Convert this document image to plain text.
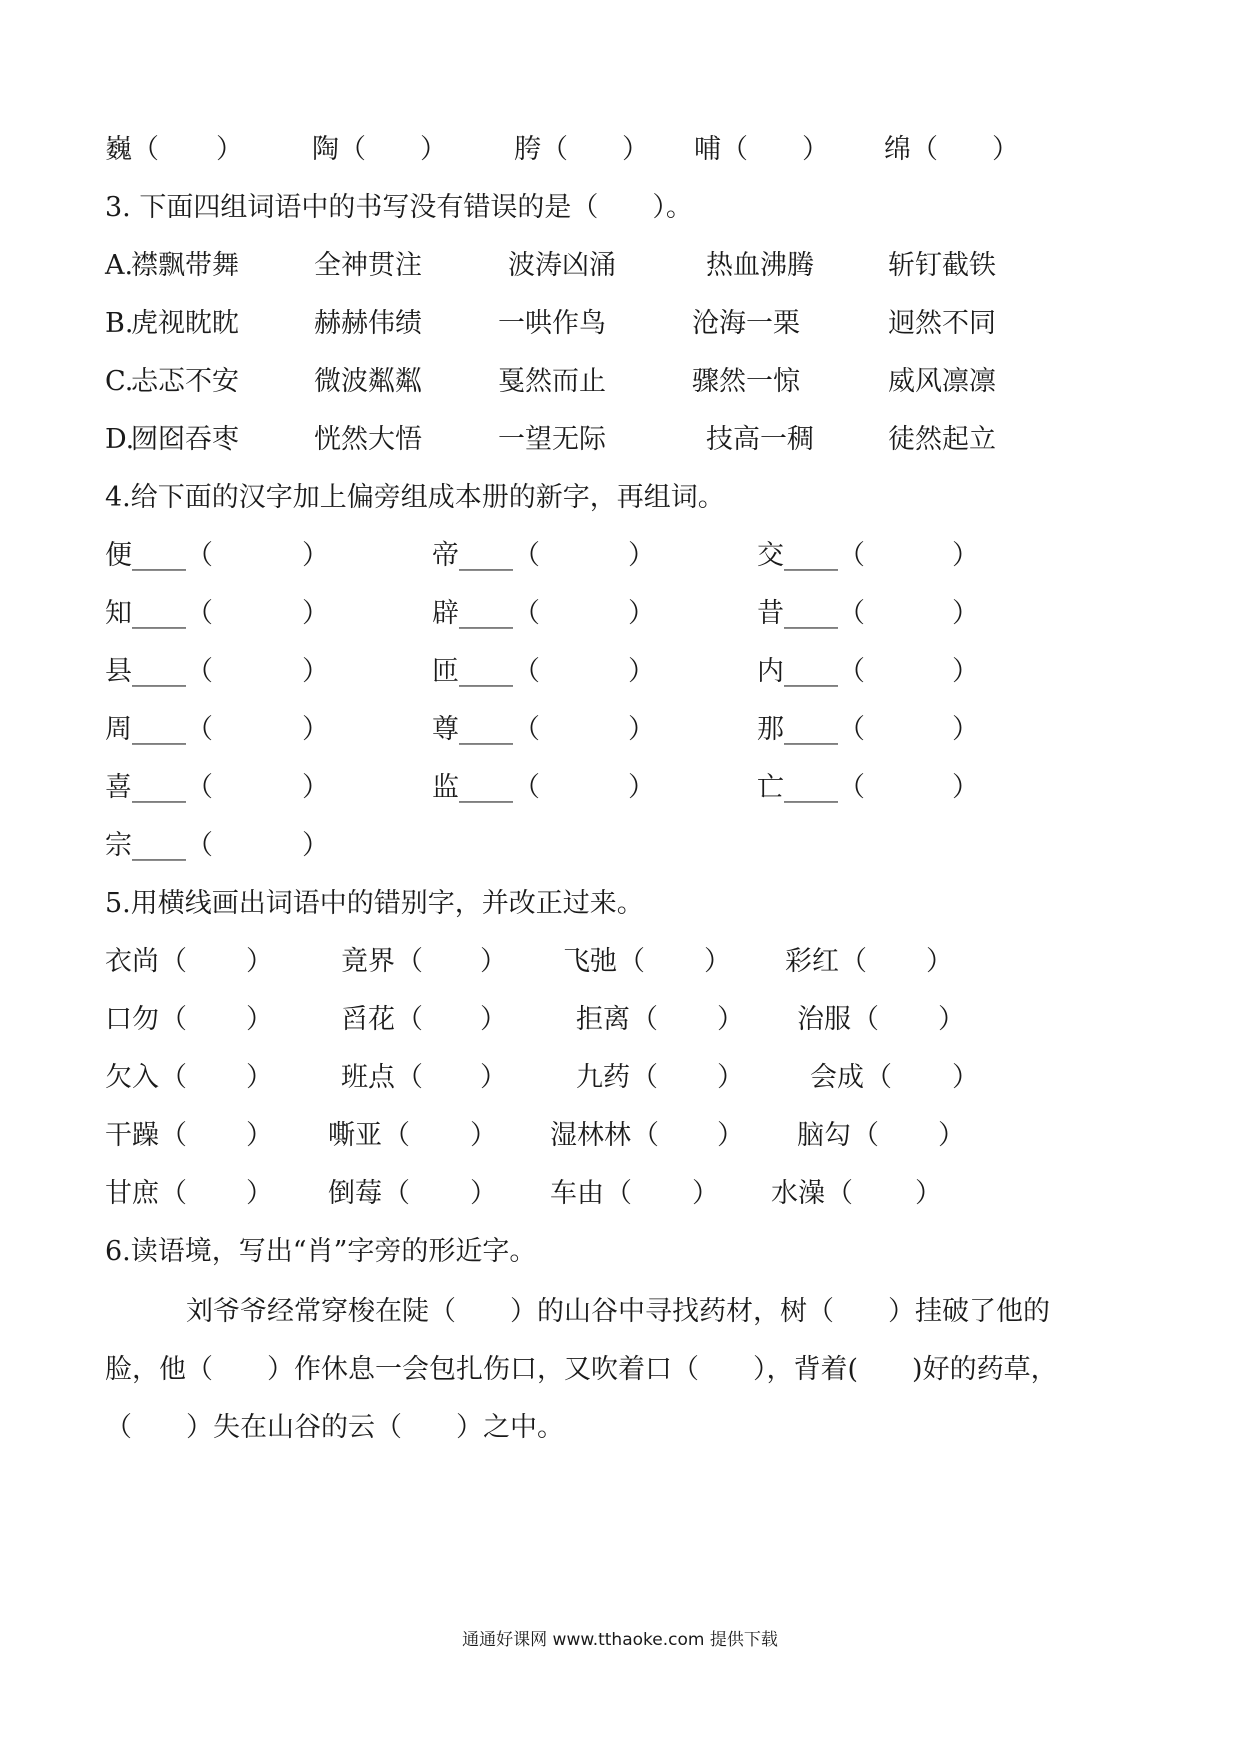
巍（ ）	陶（ ） 胯（ ） 哺（ ） 绵（ ）
3. 下面四组词语中的书写没有错误的是（　　）。
A.
襟飘带舞	全神贯注	波涛凶涌	热血沸腾	斩钉截铁
B.
虎视眈眈	赫赫伟绩	一哄作鸟	沧海一栗	迥然不同
C.
忐忑不安	微波粼粼	戛然而止	骤然一惊	威风凛凛
D.
囫囵吞枣	恍然大悟	一望无际	技高一稠	徒然起立
4.给下面的汉字加上偏旁组成本册的新字，再组词。
便 ____（	）	帝 ____（	）	交 ____（	）
知 ____（	）	辟 ____（	）	昔 ____（	）
县 ____（	）	匝 ____（	）	内 ____（	）
周 ____（	）	尊 ____（	）	那 ____（	）
喜 ____（	）	监 ____（	）	亡 ____（	）
宗 ____（	）
5.用横线画出词语中的错别字，并改正过来。
衣尚 （ ）	竟界 （ ） 飞弛 （ ） 彩红 （ ）
口勿 （ ）	舀花 （ ）	拒离 （ ） 治服 （ ）
欠入 （ ）	班点 （ ）	九药 （ ） 会成 （ ）
干躁 （ ） 嘶亚 （ ） 湿林林 （ ） 脑勾 （ ）
甘庶 （ ） 倒莓 （ ） 车由 （ ） 水澡 （ ）
6.读语境，写出“肖”字旁的形近字。
刘爷爷经常穿梭在陡（　　）的山谷中寻找药材，树（　　）挂破了他的
脸，他（　　）作休息一会包扎伤口，又吹着口（　　），背着(　　)好的药草，
（　　）失在山谷的云（　　）之中。
通通好课网 www.tthaoke.com 提供下载
